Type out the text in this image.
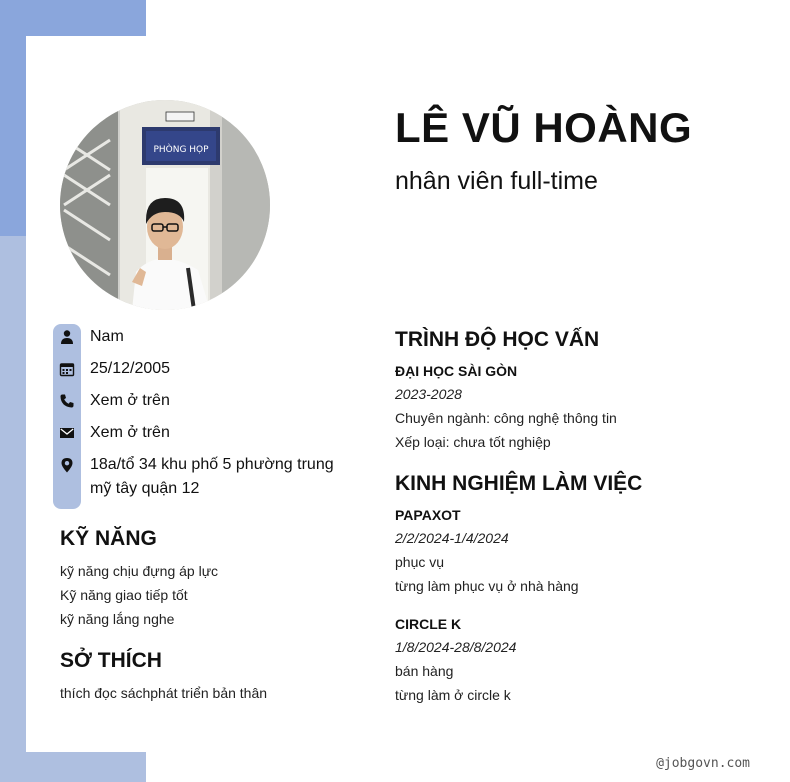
PHÒNG HỌP	LÊ VŨ HOÀNG
nhân viên full-time
Nam
25/12/2005
Xem ở trên
Xem ở trên
18a/tổ 34 khu phố 5 phường trung mỹ tây quận 12
KỸ NĂNG
kỹ năng chịu đựng áp lực
Kỹ năng giao tiếp tốt
kỹ năng lắng nghe
SỞ THÍCH
thích đọc sáchphát triển bản thân
TRÌNH ĐỘ HỌC VẤN
ĐẠI HỌC SÀI GÒN
2023-2028
Chuyên ngành: công nghệ thông tin
Xếp loại: chưa tốt nghiệp
KINH NGHIỆM LÀM VIỆC
PAPAXOT
2/2/2024-1/4/2024
phục vụ
từng làm phục vụ ở nhà hàng
CIRCLE K
1/8/2024-28/8/2024
bán hàng
từng làm ở circle k
@jobgovn.com
